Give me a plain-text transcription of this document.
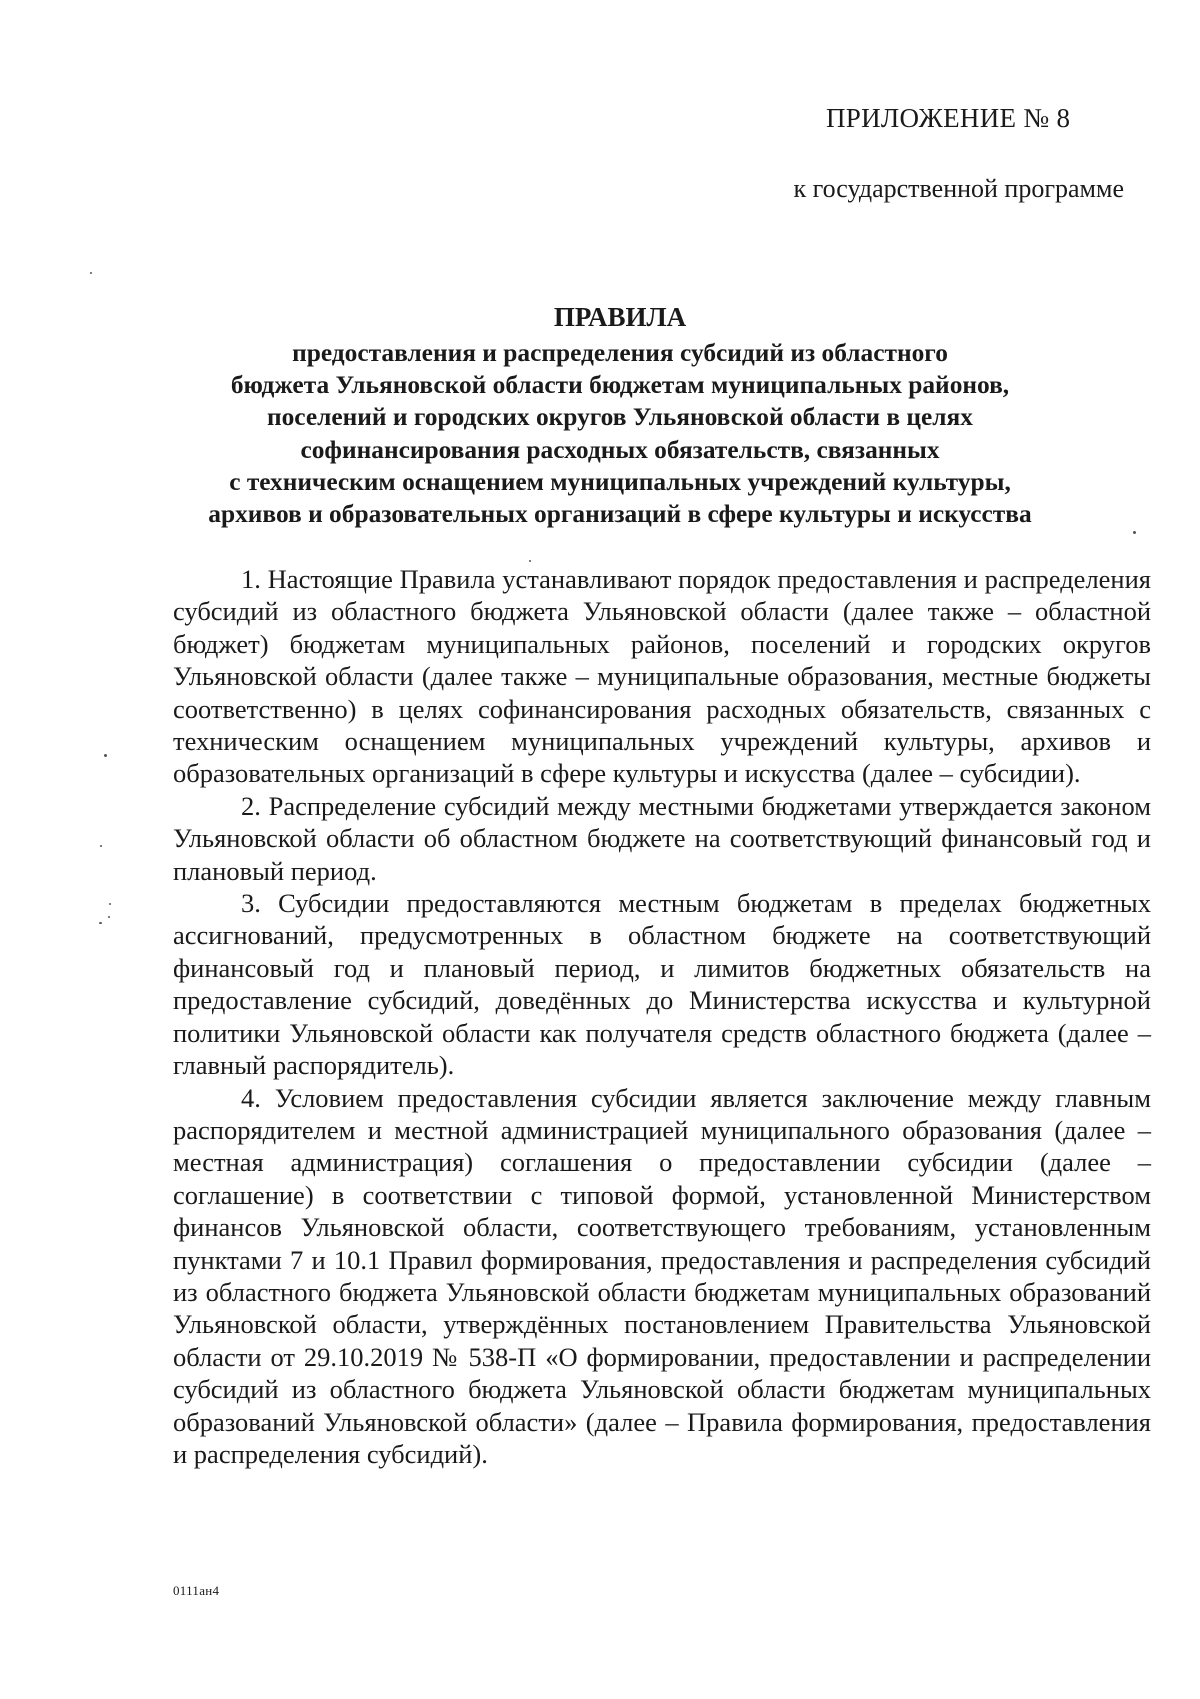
ПРИЛОЖЕНИЕ № 8
к государственной программе
ПРАВИЛА
предоставления и распределения субсидий из областного
бюджета Ульяновской области бюджетам муниципальных районов,
поселений и городских округов Ульяновской области в целях
софинансирования расходных обязательств, связанных
с техническим оснащением муниципальных учреждений культуры,
архивов и образовательных организаций в сфере культуры и искусства

1. Настоящие Правила устанавливают порядок предоставления и распределения субсидий из областного бюджета Ульяновской области (далее также – областной бюджет) бюджетам муниципальных районов, поселений и городских округов Ульяновской области (далее также – муниципальные образования, местные бюджеты соответственно) в целях софинансирования расходных обязательств, связанных с техническим оснащением муниципальных учреждений культуры, архивов и образовательных организаций в сфере культуры и искусства (далее – субсидии).

2. Распределение субсидий между местными бюджетами утверждается законом Ульяновской области об областном бюджете на соответствующий финансовый год и плановый период.

3. Субсидии предоставляются местным бюджетам в пределах бюджетных ассигнований, предусмотренных в областном бюджете на соответствующий финансовый год и плановый период, и лимитов бюджетных обязательств на предоставление субсидий, доведённых до Министерства искусства и культурной политики Ульяновской области как получателя средств областного бюджета (далее – главный распорядитель).

4. Условием предоставления субсидии является заключение между главным распорядителем и местной администрацией муниципального образования (далее – местная администрация) соглашения о предоставлении субсидии (далее – соглашение) в соответствии с типовой формой, установленной Министерством финансов Ульяновской области, соответствующего требованиям, установленным пунктами 7 и 10.1 Правил формирования, предоставления и распределения субсидий из областного бюджета Ульяновской области бюджетам муниципальных образований Ульяновской области, утверждённых постановлением Правительства Ульяновской области от 29.10.2019 № 538-П «О формировании, предоставлении и распределении субсидий из областного бюджета Ульяновской области бюджетам муниципальных образований Ульяновской области» (далее – Правила формирования, предоставления и распределения субсидий).

0111ан4
